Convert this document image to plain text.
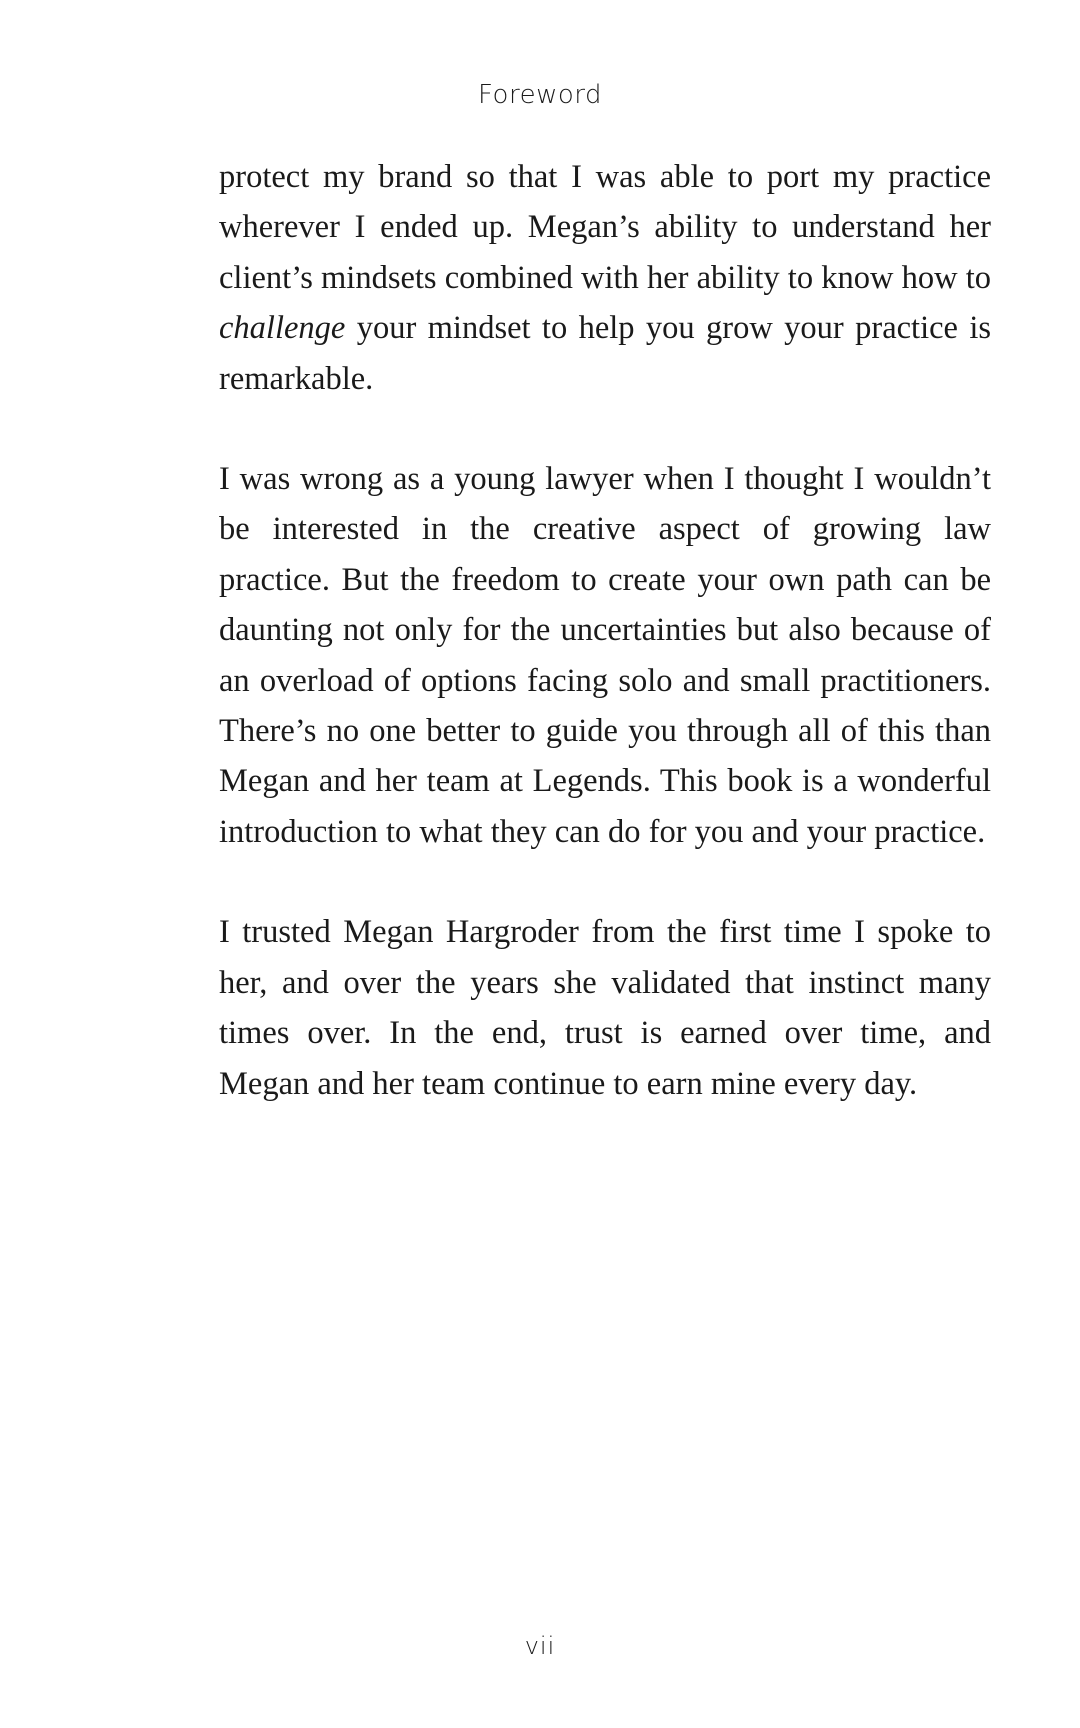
Foreword

protect my brand so that I was able to port my practice wherever I ended up. Megan’s ability to understand her client’s mindsets combined with her ability to know how to challenge your mindset to help you grow your practice is remarkable.

I was wrong as a young lawyer when I thought I wouldn’t be interested in the creative aspect of growing law practice. But the freedom to create your own path can be daunting not only for the uncertainties but also because of an overload of options facing solo and small practitioners. There’s no one better to guide you through all of this than Megan and her team at Legends. This book is a wonderful introduction to what they can do for you and your practice.

I trusted Megan Hargroder from the first time I spoke to her, and over the years she validated that instinct many times over. In the end, trust is earned over time, and Megan and her team continue to earn mine every day.

vii
